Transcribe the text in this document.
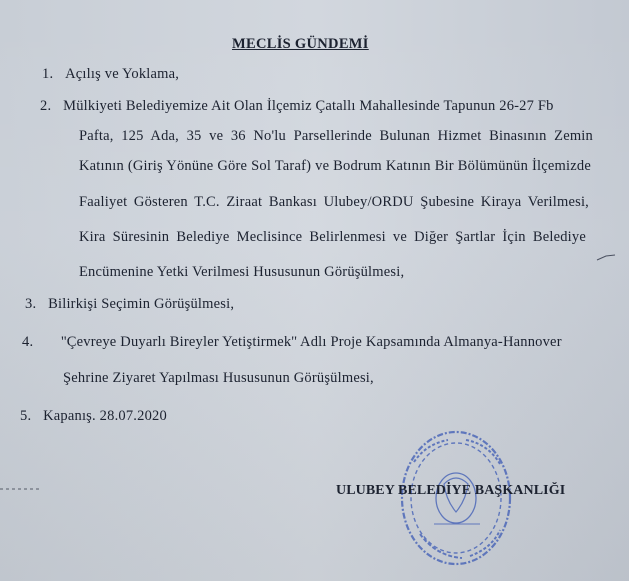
MECLİS GÜNDEMİ
1. Açılış ve Yoklama,
2. Mülkiyeti Belediyemize Ait Olan İlçemiz Çatallı Mahallesinde Tapunun 26-27 Fb
Pafta, 125 Ada, 35 ve 36 No'lu Parsellerinde Bulunan Hizmet Binasının Zemin
Katının (Giriş Yönüne Göre Sol Taraf) ve Bodrum Katının Bir Bölümünün İlçemizde
Faaliyet Gösteren T.C. Ziraat Bankası Ulubey/ORDU Şubesine Kiraya Verilmesi,
Kira Süresinin Belediye Meclisince Belirlenmesi ve Diğer Şartlar İçin Belediye
Encümenine Yetki Verilmesi Hususunun Görüşülmesi,
3. Bilirkişi Seçimin Görüşülmesi,
4. ''Çevreye Duyarlı Bireyler Yetiştirmek'' Adlı Proje Kapsamında Almanya-Hannover
Şehrine Ziyaret Yapılması Hususunun Görüşülmesi,
5. Kapanış. 28.07.2020
ULUBEY BELEDİYE BAŞKANLIĞI
